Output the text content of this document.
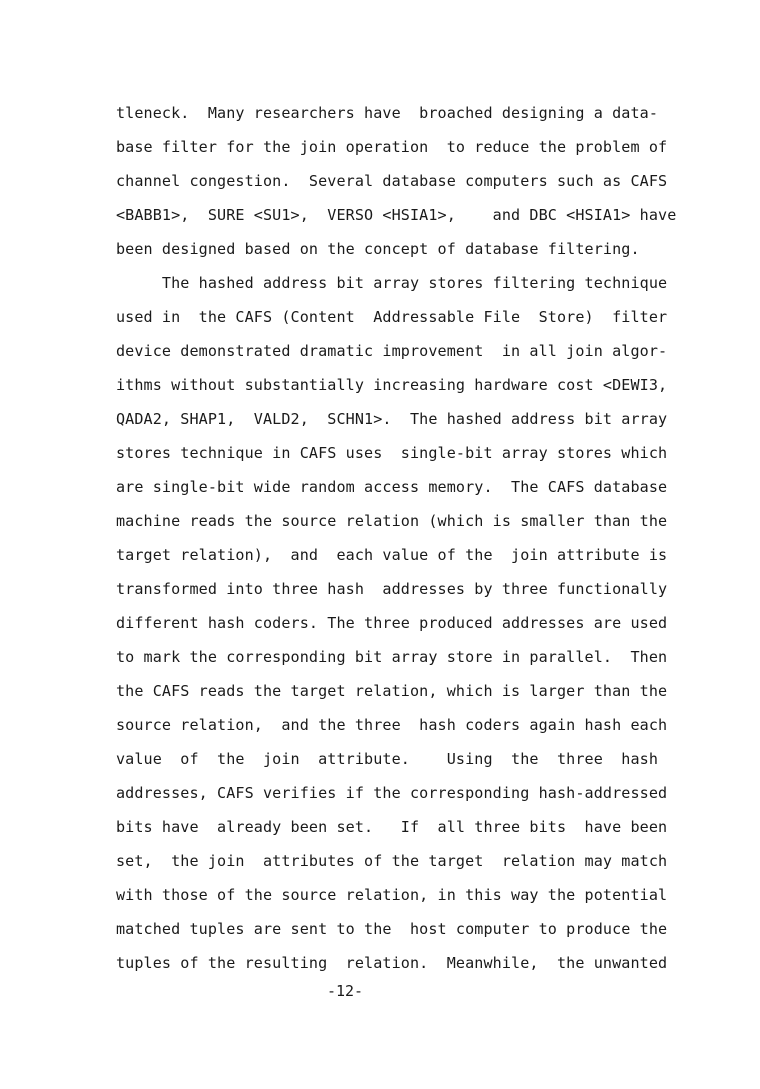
tleneck.  Many researchers have  broached designing a data-
base filter for the join operation  to reduce the problem of
channel congestion.  Several database computers such as CAFS
<BABB1>,  SURE <SU1>,  VERSO <HSIA1>,    and DBC <HSIA1> have
been designed based on the concept of database filtering.
The hashed address bit array stores filtering technique
used in  the CAFS (Content  Addressable File  Store)  filter
device demonstrated dramatic improvement  in all join algor-
ithms without substantially increasing hardware cost <DEWI3,
QADA2, SHAP1,  VALD2,  SCHN1>.  The hashed address bit array
stores technique in CAFS uses  single-bit array stores which
are single-bit wide random access memory.  The CAFS database
machine reads the source relation (which is smaller than the
target relation),  and  each value of the  join attribute is
transformed into three hash  addresses by three functionally
different hash coders. The three produced addresses are used
to mark the corresponding bit array store in parallel.  Then
the CAFS reads the target relation, which is larger than the
source relation,  and the three  hash coders again hash each
value  of  the  join  attribute.    Using  the  three  hash
addresses, CAFS verifies if the corresponding hash-addressed
bits have  already been set.   If  all three bits  have been
set,  the join  attributes of the target  relation may match
with those of the source relation, in this way the potential
matched tuples are sent to the  host computer to produce the
tuples of the resulting  relation.  Meanwhile,  the unwanted
-12-
